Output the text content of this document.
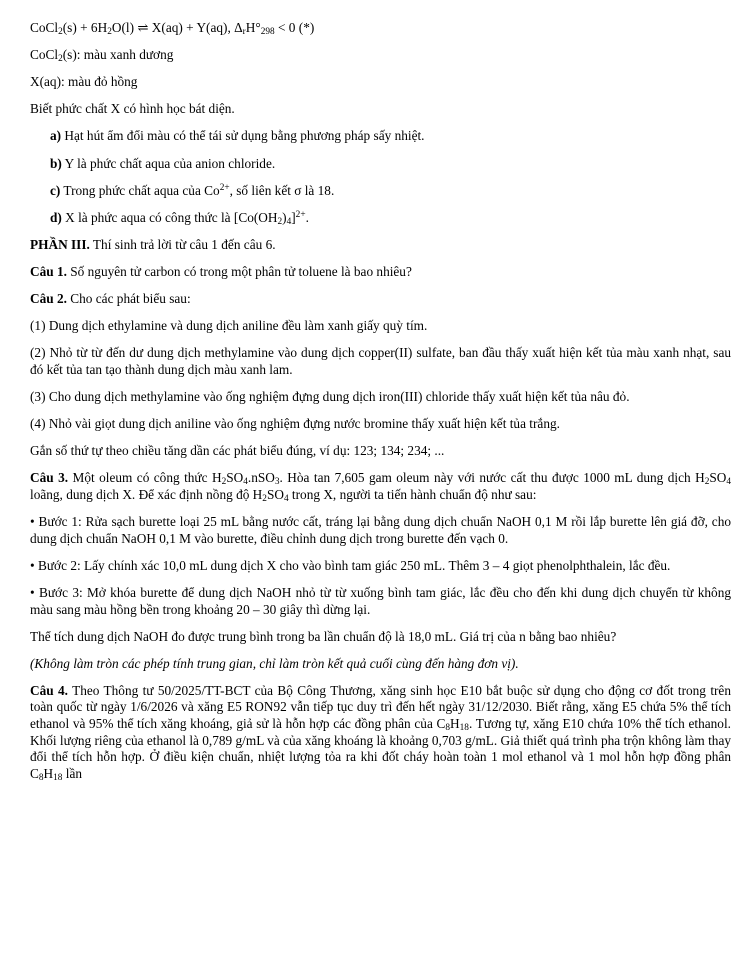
CoCl$_2$(s) + $6H_2O(l)$ ⇌ X(aq) + Y(aq), $\Delta_rH^\circ_{298} < 0$ (*)

CoCl$_2$(s): màu xanh dương

X(aq): màu đỏ hồng

Biết phức chất X có hình học bát diện.

a) Hạt hút ẩm đổi màu có thể tái sử dụng bằng phương pháp sấy nhiệt.

b) Y là phức chất aqua của anion chloride.

c) Trong phức chất aqua của $Co^{2+}$, số liên kết σ là 18.

d) X là phức aqua có công thức là $[Co(OH_2)_4]^{2+}$.

PHẦN III. Thí sinh trả lời từ câu 1 đến câu 6.

Câu 1. Số nguyên tử carbon có trong một phân tử toluene là bao nhiêu?

Câu 2. Cho các phát biểu sau:

(1) Dung dịch ethylamine và dung dịch aniline đều làm xanh giấy quỳ tím.

(2) Nhỏ từ từ đến dư dung dịch methylamine vào dung dịch copper(II) sulfate, ban đầu thấy xuất hiện kết tủa màu xanh nhạt, sau đó kết tủa tan tạo thành dung dịch màu xanh lam.

(3) Cho dung dịch methylamine vào ống nghiệm đựng dung dịch iron(III) chloride thấy xuất hiện kết tủa nâu đỏ.

(4) Nhỏ vài giọt dung dịch aniline vào ống nghiệm đựng nước bromine thấy xuất hiện kết tủa trắng.

Gắn số thứ tự theo chiều tăng dần các phát biểu đúng, ví dụ: 123; 134; 234; ...

Câu 3. Một oleum có công thức $H_2SO_4.nSO_3$. Hòa tan 7,605 gam oleum này với nước cất thu được 1000 mL dung dịch $H_2SO_4$ loãng, dung dịch X. Để xác định nồng độ $H_2SO_4$ trong X, người ta tiến hành chuẩn độ như sau:

• Bước 1: Rửa sạch burette loại 25 mL bằng nước cất, tráng lại bằng dung dịch chuẩn NaOH 0,1 M rồi lắp burette lên giá đỡ, cho dung dịch chuẩn NaOH 0,1 M vào burette, điều chỉnh dung dịch trong burette đến vạch 0.

• Bước 2: Lấy chính xác 10,0 mL dung dịch X cho vào bình tam giác 250 mL. Thêm 3 – 4 giọt phenolphthalein, lắc đều.

• Bước 3: Mở khóa burette để dung dịch NaOH nhỏ từ từ xuống bình tam giác, lắc đều cho đến khi dung dịch chuyển từ không màu sang màu hồng bền trong khoảng 20 – 30 giây thì dừng lại.

Thể tích dung dịch NaOH đo được trung bình trong ba lần chuẩn độ là 18,0 mL. Giá trị của n bằng bao nhiêu?

(Không làm tròn các phép tính trung gian, chỉ làm tròn kết quả cuối cùng đến hàng đơn vị).

Câu 4. Theo Thông tư 50/2025/TT-BCT của Bộ Công Thương, xăng sinh học E10 bắt buộc sử dụng cho động cơ đốt trong trên toàn quốc từ ngày 1/6/2026 và xăng E5 RON92 vẫn tiếp tục duy trì đến hết ngày 31/12/2030. Biết rằng, xăng E5 chứa 5% thể tích ethanol và 95% thể tích xăng khoáng, giả sử là hỗn hợp các đồng phân của $C_8H_{18}$. Tương tự, xăng E10 chứa 10% thể tích ethanol. Khối lượng riêng của ethanol là 0,789 g/mL và của xăng khoáng là khoảng 0,703 g/mL. Giả thiết quá trình pha trộn không làm thay đổi thể tích hỗn hợp. Ở điều kiện chuẩn, nhiệt lượng tỏa ra khi đốt cháy hoàn toàn 1 mol ethanol và 1 mol hỗn hợp đồng phân $C_8H_{18}$ lần
